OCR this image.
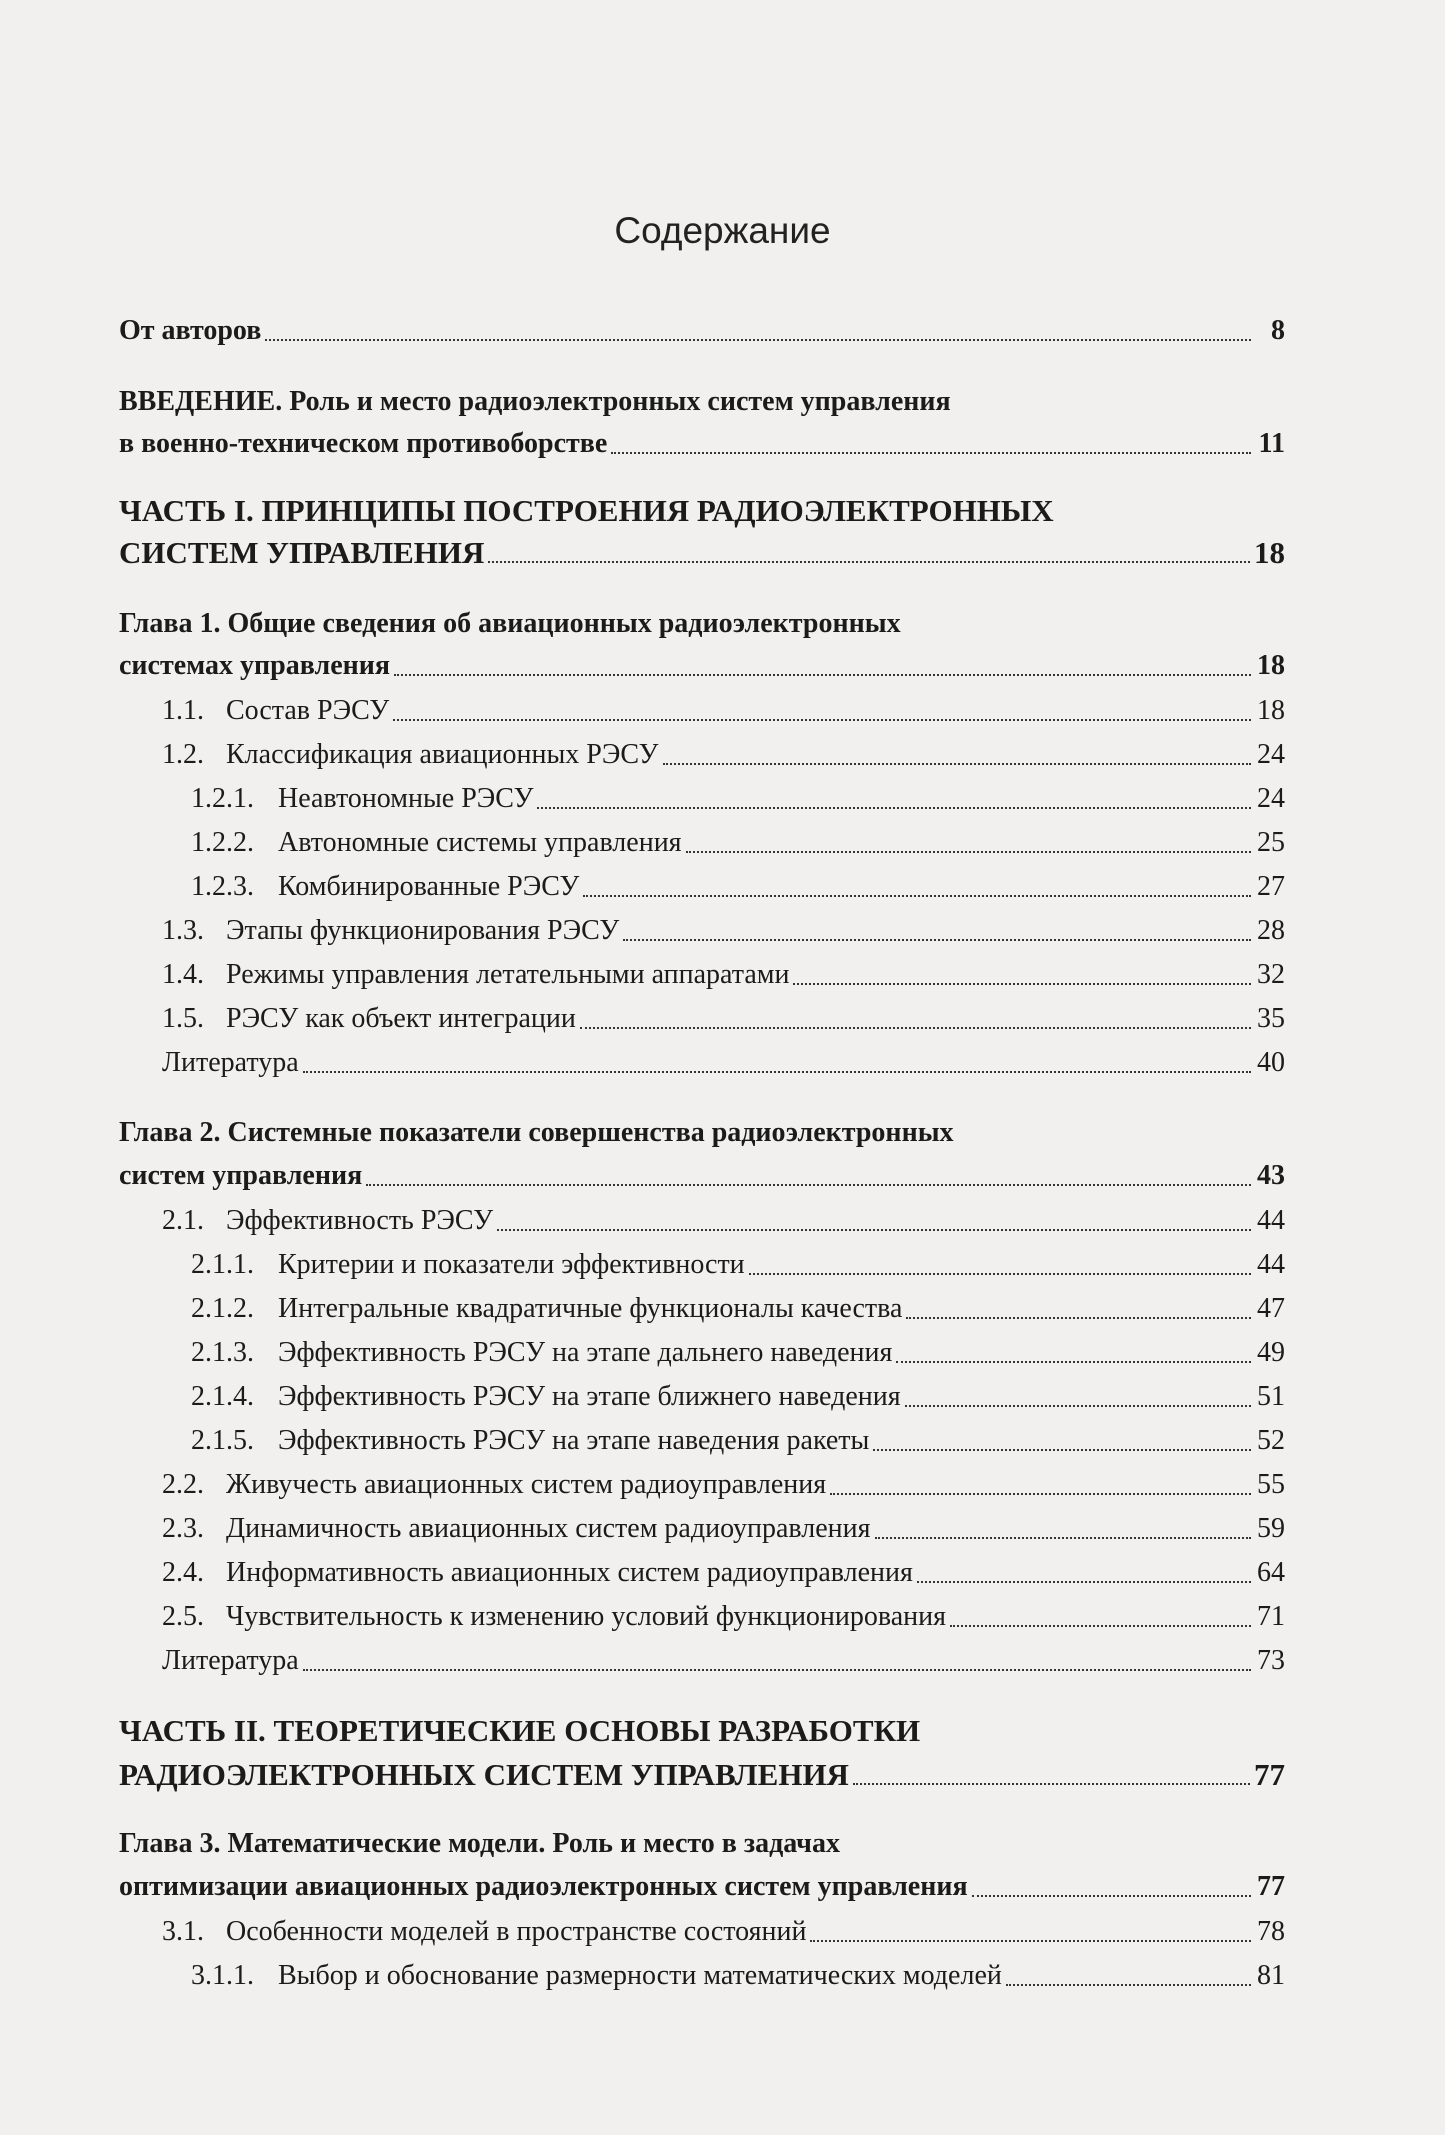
Содержание
От авторов	8
ВВЕДЕНИЕ. Роль и место радиоэлектронных систем управления
в военно-техническом противоборстве	11
ЧАСТЬ I. ПРИНЦИПЫ ПОСТРОЕНИЯ РАДИОЭЛЕКТРОННЫХ
СИСТЕМ УПРАВЛЕНИЯ	18
Глава 1. Общие сведения об авиационных радиоэлектронных
системах управления	18
1.1. Состав РЭСУ	18
1.2. Классификация авиационных РЭСУ	24
1.2.1. Неавтономные РЭСУ	24
1.2.2. Автономные системы управления	25
1.2.3. Комбинированные РЭСУ	27
1.3. Этапы функционирования РЭСУ	28
1.4. Режимы управления летательными аппаратами	32
1.5. РЭСУ как объект интеграции	35
Литература	40
Глава 2. Системные показатели совершенства радиоэлектронных
систем управления	43
2.1. Эффективность РЭСУ	44
2.1.1. Критерии и показатели эффективности	44
2.1.2. Интегральные квадратичные функционалы качества	47
2.1.3. Эффективность РЭСУ на этапе дальнего наведения	49
2.1.4. Эффективность РЭСУ на этапе ближнего наведения	51
2.1.5. Эффективность РЭСУ на этапе наведения ракеты	52
2.2. Живучесть авиационных систем радиоуправления	55
2.3. Динамичность авиационных систем радиоуправления	59
2.4. Информативность авиационных систем радиоуправления	64
2.5. Чувствительность к изменению условий функционирования	71
Литература	73
ЧАСТЬ II. ТЕОРЕТИЧЕСКИЕ ОСНОВЫ РАЗРАБОТКИ
РАДИОЭЛЕКТРОННЫХ СИСТЕМ УПРАВЛЕНИЯ	77
Глава 3. Математические модели. Роль и место в задачах
оптимизации авиационных радиоэлектронных систем управления	77
3.1. Особенности моделей в пространстве состояний	78
3.1.1. Выбор и обоснование размерности математических моделей	81
